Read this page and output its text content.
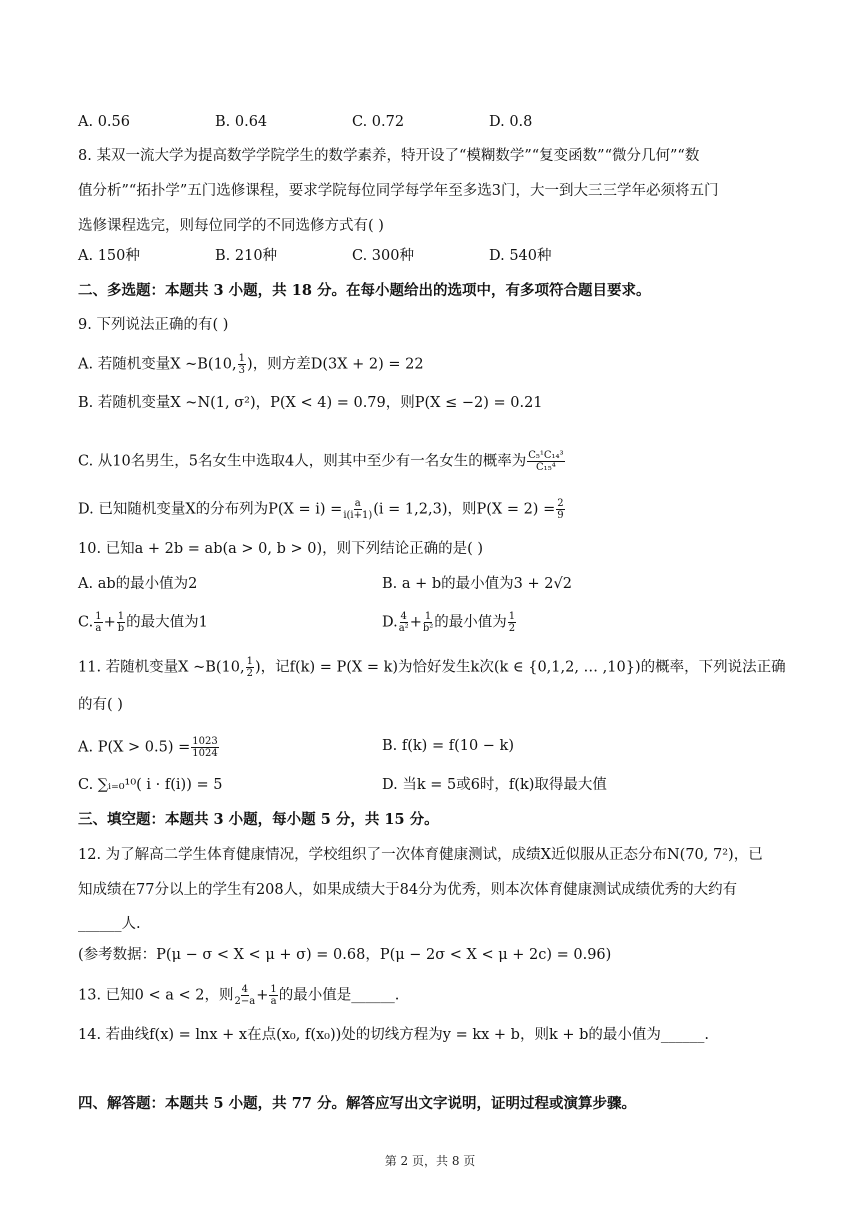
A. 0.56	B. 0.64	C. 0.72	D. 0.8
8. 某双一流大学为提高数学学院学生的数学素养，特开设了“模糊数学”“复变函数”“微分几何”“数
值分析”“拓扑学”五门选修课程，要求学院每位同学每学年至多选3门，大一到大三三学年必须将五门
选修课程选完，则每位同学的不同选修方式有( )
A. 150种	B. 210种	C. 300种	D. 540种
二、多选题：本题共 3 小题，共 18 分。在每小题给出的选项中，有多项符合题目要求。
9. 下列说法正确的有( )
A. 若随机变量X ~B(10, $\frac{1}{3}$ )，则方差D(3X + 2) = 22
B. 若随机变量X ~N(1, σ²)，P(X < 4) = 0.79，则P(X ≤ −2) = 0.21
C. 从10名男生，5名女生中选取4人，则其中至少有一名女生的概率为 $\frac{\text{C₅¹C₁₄³}}{\text{C₁₅⁴}}$
D. 已知随机变量X的分布列为$P(X = i) = \frac{a}{i(i+1)} (i = 1,2,3)$，则$P(X = 2) = \frac{2}{9}$
10. 已知a + 2b = ab(a > 0, b > 0)，则下列结论正确的是( )
A. ab的最小值为2	B. a + b的最小值为3 + 2√2
C. $\frac{1}{a} + \frac{1}{b}$ 的最大值为1	D. $\frac{4}{\text{a²}} + \frac{1}{\text{b²}}$ 的最小值为 $\frac{1}{2}$
11. 若随机变量X ~B(10, $\frac{1}{2}$ )，记f(k) = P(X = k)为恰好发生k次(k ∈ {0,1,2, … ,10})的概率，下列说法正确
的有( )
A. $P(X > 0.5) = \frac{1023}{1024}$	B. f(k) = f(10 − k)
C. ∑ᵢ₌₀¹⁰( i · f(i)) = 5	D. 当k = 5或6时，f(k)取得最大值
三、填空题：本题共 3 小题，每小题 5 分，共 15 分。
12. 为了解高二学生体育健康情况，学校组织了一次体育健康测试，成绩X近似服从正态分布N(70, 7²)，已
知成绩在77分以上的学生有208人，如果成绩大于84分为优秀，则本次体育健康测试成绩优秀的大约有
______人.
(参考数据：P(μ − σ < X < μ + σ) = 0.68，P(μ − 2σ < X < μ + 2c) = 0.96)
13. 已知0 < a < 2，则 $\frac{4}{2-a} + \frac{1}{a}$ 的最小值是______.
14. 若曲线f(x) = lnx + x在点(x₀, f(x₀))处的切线方程为y = kx + b，则k + b的最小值为______.
四、解答题：本题共 5 小题，共 77 分。解答应写出文字说明，证明过程或演算步骤。
第 2 页，共 8 页
